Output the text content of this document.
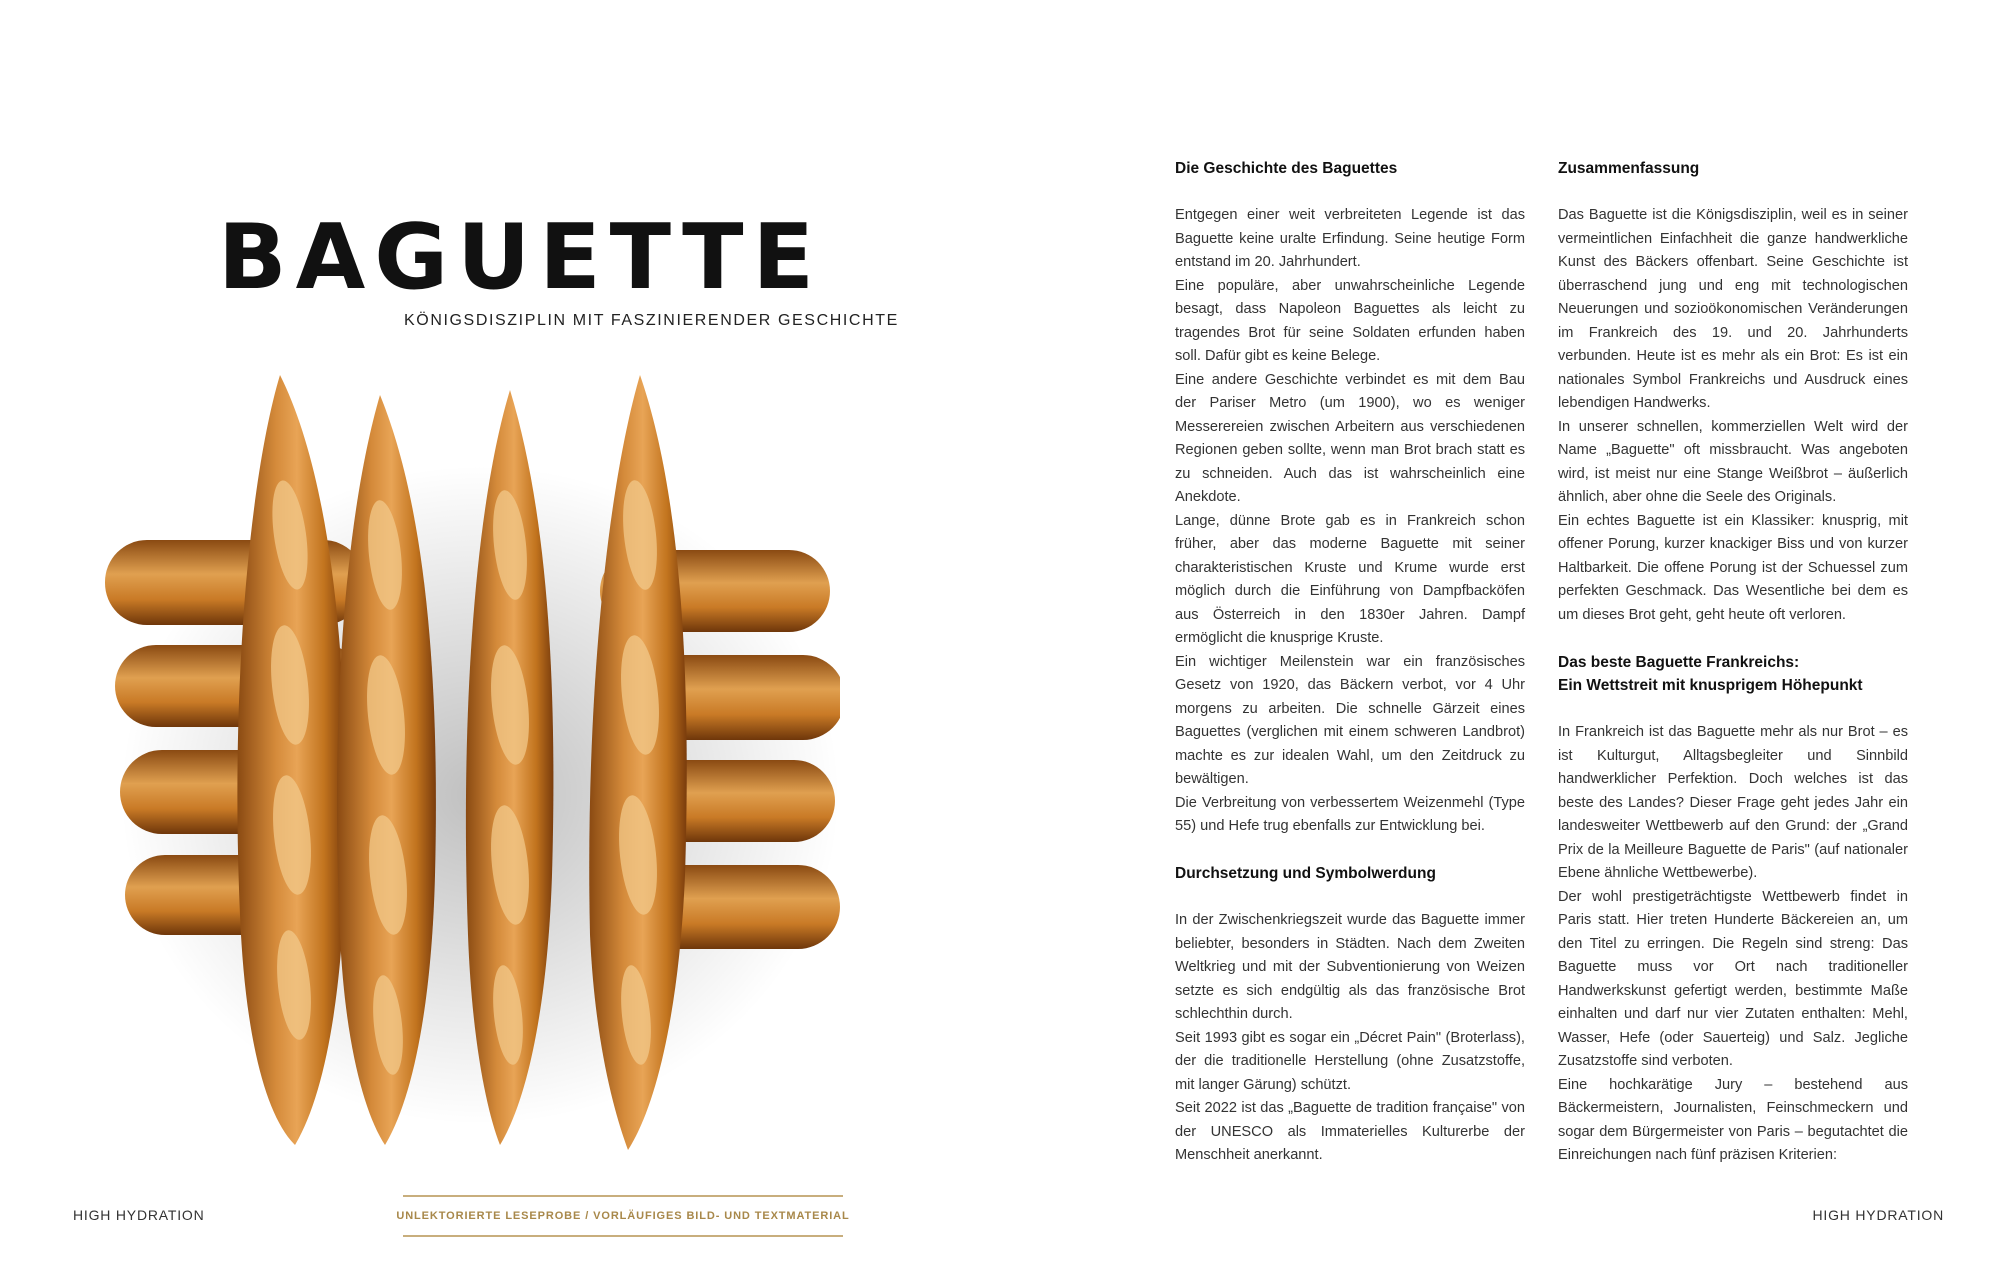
BAGUETTE

KÖNIGSDISZIPLIN MIT FASZINIERENDER GESCHICHTE

HIGH HYDRATION	UNLEKTORIERTE LESEPROBE / VORLÄUFIGES BILD- UND TEXTMATERIAL
Die Geschichte des Baguettes

Entgegen einer weit verbreiteten Legende ist das Baguette keine uralte Erfindung. Seine heutige Form entstand im 20. Jahrhundert.

Eine populäre, aber unwahrscheinliche Legende besagt, dass Napoleon Baguettes als leicht zu tragendes Brot für seine Soldaten erfunden haben soll. Dafür gibt es keine Belege.

Eine andere Geschichte verbindet es mit dem Bau der Pariser Metro (um 1900), wo es weniger Messerereien zwischen Arbeitern aus verschiedenen Regionen geben sollte, wenn man Brot brach statt es zu schneiden. Auch das ist wahrscheinlich eine Anekdote.

Lange, dünne Brote gab es in Frankreich schon früher, aber das moderne Baguette mit seiner charakteristischen Kruste und Krume wurde erst möglich durch die Einführung von Dampfbacköfen aus Österreich in den 1830er Jahren. Dampf ermöglicht die knusprige Kruste.

Ein wichtiger Meilenstein war ein französisches Gesetz von 1920, das Bäckern verbot, vor 4 Uhr morgens zu arbeiten. Die schnelle Gärzeit eines Baguettes (verglichen mit einem schweren Landbrot) machte es zur idealen Wahl, um den Zeitdruck zu bewältigen.

Die Verbreitung von verbessertem Weizenmehl (Type 55) und Hefe trug ebenfalls zur Entwicklung bei.

Durchsetzung und Symbolwerdung

In der Zwischenkriegszeit wurde das Baguette immer beliebter, besonders in Städten. Nach dem Zweiten Weltkrieg und mit der Subventionierung von Weizen setzte es sich endgültig als das französische Brot schlechthin durch.

Seit 1993 gibt es sogar ein „Décret Pain" (Broterlass), der die traditionelle Herstellung (ohne Zusatzstoffe, mit langer Gärung) schützt.

Seit 2022 ist das „Baguette de tradition française" von der UNESCO als Immaterielles Kulturerbe der Menschheit anerkannt.

Zusammenfassung

Das Baguette ist die Königsdisziplin, weil es in seiner vermeintlichen Einfachheit die ganze handwerkliche Kunst des Bäckers offenbart. Seine Geschichte ist überraschend jung und eng mit technologischen Neuerungen und sozioökonomischen Veränderungen im Frankreich des 19. und 20. Jahrhunderts verbunden. Heute ist es mehr als ein Brot: Es ist ein nationales Symbol Frankreichs und Ausdruck eines lebendigen Handwerks.

In unserer schnellen, kommerziellen Welt wird der Name „Baguette" oft missbraucht. Was angeboten wird, ist meist nur eine Stange Weißbrot – äußerlich ähnlich, aber ohne die Seele des Originals.

Ein echtes Baguette ist ein Klassiker: knusprig, mit offener Porung, kurzer knackiger Biss und von kurzer Haltbarkeit. Die offene Porung ist der Schuessel zum perfekten Geschmack. Das Wesentliche bei dem es um dieses Brot geht, geht heute oft verloren.

Das beste Baguette Frankreichs:
Ein Wettstreit mit knusprigem Höhepunkt

In Frankreich ist das Baguette mehr als nur Brot – es ist Kulturgut, Alltagsbegleiter und Sinnbild handwerklicher Perfektion. Doch welches ist das beste des Landes? Dieser Frage geht jedes Jahr ein landesweiter Wettbewerb auf den Grund: der „Grand Prix de la Meilleure Baguette de Paris" (auf nationaler Ebene ähnliche Wettbewerbe).

Der wohl prestigeträchtigste Wettbewerb findet in Paris statt. Hier treten Hunderte Bäckereien an, um den Titel zu erringen. Die Regeln sind streng: Das Baguette muss vor Ort nach traditioneller Handwerkskunst gefertigt werden, bestimmte Maße einhalten und darf nur vier Zutaten enthalten: Mehl, Wasser, Hefe (oder Sauerteig) und Salz. Jegliche Zusatzstoffe sind verboten.

Eine hochkarätige Jury – bestehend aus Bäckermeistern, Journalisten, Feinschmeckern und sogar dem Bürgermeister von Paris – begutachtet die Einreichungen nach fünf präzisen Kriterien:

HIGH HYDRATION
